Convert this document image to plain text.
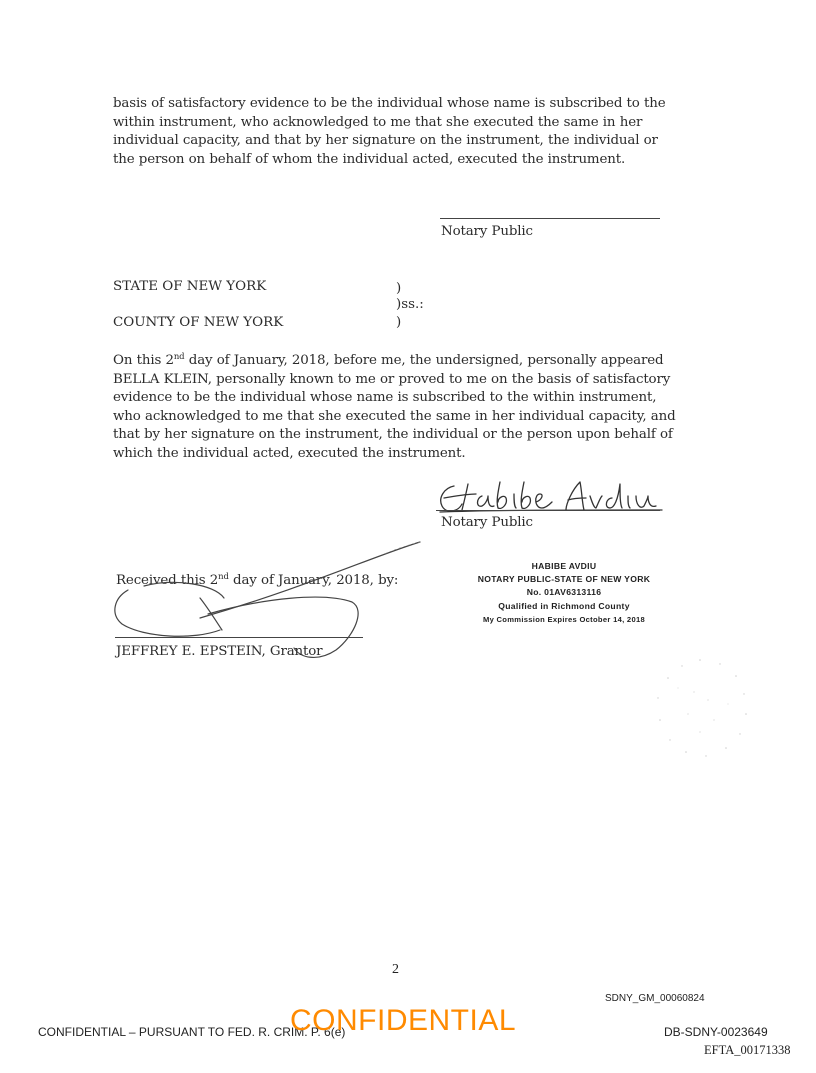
basis of satisfactory evidence to be the individual whose name is subscribed to the
within instrument, who acknowledged to me that she executed the same in her
individual capacity, and that by her signature on the instrument, the individual or
the person on behalf of whom the individual acted, executed the instrument.
Notary Public
STATE OF NEW YORK
COUNTY OF NEW YORK
)
)ss.:
)
On this 2nd day of January, 2018, before me, the undersigned, personally appeared
BELLA KLEIN, personally known to me or proved to me on the basis of satisfactory
evidence to be the individual whose name is subscribed to the within instrument,
who acknowledged to me that she executed the same in her individual capacity, and
that by her signature on the instrument, the individual or the person upon behalf of
which the individual acted, executed the instrument.
Notary Public
Received this 2nd day of January, 2018, by:
JEFFREY E. EPSTEIN, Grantor
HABIBE AVDIU
NOTARY PUBLIC-STATE OF NEW YORK
No. 01AV6313116
Qualified in Richmond County
My Commission Expires October 14, 2018
2
SDNY_GM_00060824
CONFIDENTIAL – PURSUANT TO FED. R. CRIM. P. 6(e)
CONFIDENTIAL	DB-SDNY-0023649
EFTA_00171338
